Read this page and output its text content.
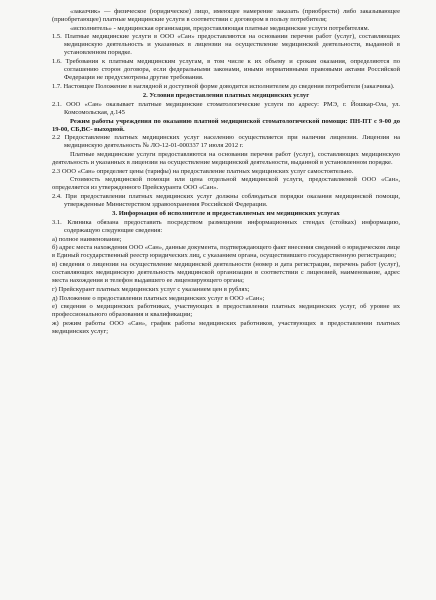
«заказчик» — физическое (юридическое) лицо, имеющее намерение заказать (приобрести) либо заказывающее (приобретающее) платные медицинские услуги в соответствии с договором в пользу потребителя;

«исполнитель» - медицинская организация, предоставляющая платные медицинские услуги потребителям.

1.5. Платные медицинские услуги в ООО «Сан» предоставляются на основании перечня работ (услуг), составляющих медицинскую деятельность и указанных в лицензии на осуществление медицинской деятельности, выданной в установленном порядке.

1.6. Требования к платным медицинским услугам, в том числе к их объему и срокам оказания, определяются по соглашению сторон договора, если федеральными законами, иными нормативными правовыми актами Российской Федерации не предусмотрены другие требования.

1.7. Настоящее Положение в наглядной и доступной форме доводится исполнителем до сведения потребителя (заказчика).

2. Условия предоставления платных медицинских услуг

2.1. ООО «Сан» оказывает платные медицинские стоматологические услуги по адресу: РМЭ, г. Йошкар-Ола, ул. Комсомольская, д.145

Режим работы учреждения по оказанию платной медицинской стоматологической помощи: ПН-ПТ с 9-00 до 19-00, СБ,ВС- выходной.

2.2 Предоставление платных медицинских услуг населению осуществляется при наличии лицензии. Лицензия на медицинскую деятельность № ЛО-12-01-000337 17 июля 2012 г.

Платные медицинские услуги предоставляются на основании перечня работ (услуг), составляющих медицинскую деятельность и указанных в лицензии на осуществление медицинской деятельности, выданной в установленном порядке.

2.3 ООО «Сан» определяет цены (тарифы) на предоставление платных медицинских услуг самостоятельно.

Стоимость медицинской помощи или цена отдельной медицинской услуги, предоставляемой ООО «Сан», определяется из утвержденного Прейскуранта ООО «Сан».

2.4. При предоставлении платных медицинских услуг должны соблюдаться порядки оказания медицинской помощи, утвержденные Министерством здравоохранения Российской Федерации.

3. Информация об исполнителе и предоставляемых им медицинских услугах

3.1. Клиника обязана предоставить посредством размещения информационных стендах (стойках) информацию, содержащую следующие сведения:

а) полное наименование;

б) адрес места нахождения ООО «Сан», данные документа, подтверждающего факт внесения сведений о юридическом лице в Единый государственный реестр юридических лиц, с указанием органа, осуществившего государственную регистрацию;

в) сведения о лицензии на осуществление медицинской деятельности (номер и дата регистрации, перечень работ (услуг), составляющих медицинскую деятельность медицинской организации в соответствии с лицензией, наименование, адрес места нахождения и телефон выдавшего ее лицензирующего органа;

г) Прейскурант платных медицинских услуг с указанием цен в рублях;

д) Положение о предоставлении платных медицинских услуг в ООО «Сан»;

е) сведения о медицинских работниках, участвующих в предоставлении платных медицинских услуг, об уровне их профессионального образования и квалификации;

ж) режим работы ООО «Сан», график работы медицинских работников, участвующих в предоставлении платных медицинских услуг;
